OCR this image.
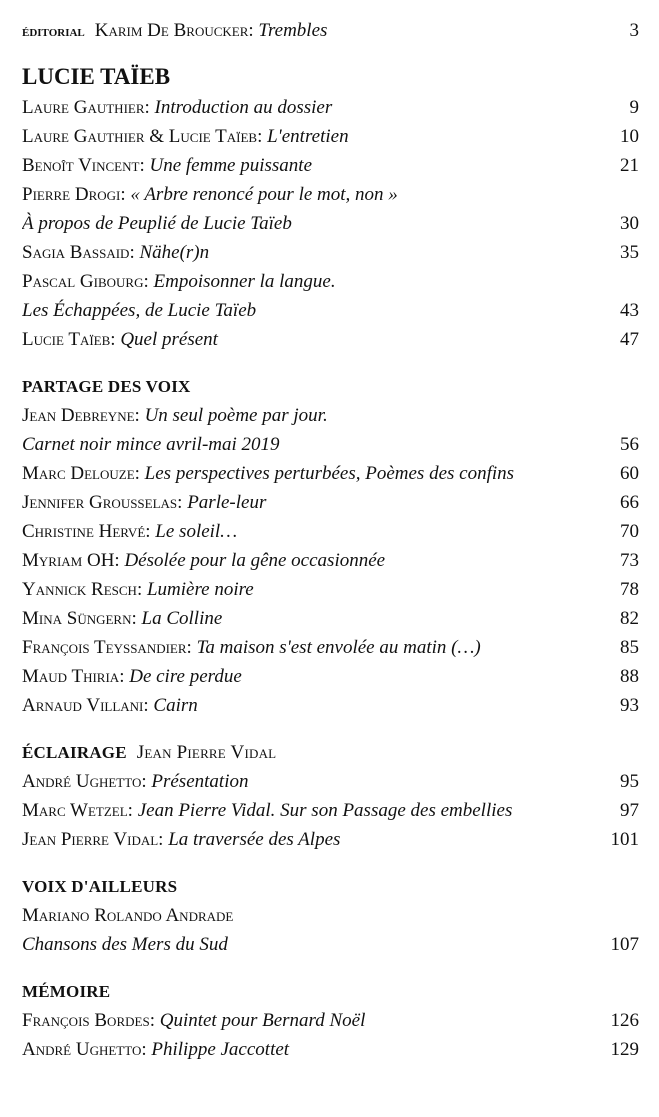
éditorial Karim De Broucker: Trembles	3
LUCIE TAÏEB
Laure Gauthier: Introduction au dossier	9
Laure Gauthier & Lucie Taïeb: L'entretien	10
Benoît Vincent: Une femme puissante	21
Pierre Drogi: « Arbre renoncé pour le mot, non »
À propos de Peuplié de Lucie Taïeb	30
Sagia Bassaid: Nähe(r)n	35
Pascal Gibourg: Empoisonner la langue.
Les Échappées, de Lucie Taïeb	43
Lucie Taïeb: Quel présent	47
PARTAGE DES VOIX
Jean Debreyne: Un seul poème par jour.
Carnet noir mince avril-mai 2019	56
Marc Delouze: Les perspectives perturbées, Poèmes des confins	60
Jennifer Grousselas: Parle-leur	66
Christine Hervé: Le soleil…	70
Myriam OH: Désolée pour la gêne occasionnée	73
Yannick Resch: Lumière noire	78
Mina Süngern: La Colline	82
François Teyssandier: Ta maison s'est envolée au matin (…)	85
Maud Thiria: De cire perdue	88
Arnaud Villani: Cairn	93
ÉCLAIRAGE Jean Pierre Vidal
André Ughetto: Présentation	95
Marc Wetzel: Jean Pierre Vidal. Sur son Passage des embellies	97
Jean Pierre Vidal: La traversée des Alpes	101
VOIX D'AILLEURS
Mariano Rolando Andrade
Chansons des Mers du Sud	107
MÉMOIRE
François Bordes: Quintet pour Bernard Noël	126
André Ughetto: Philippe Jaccottet	129
